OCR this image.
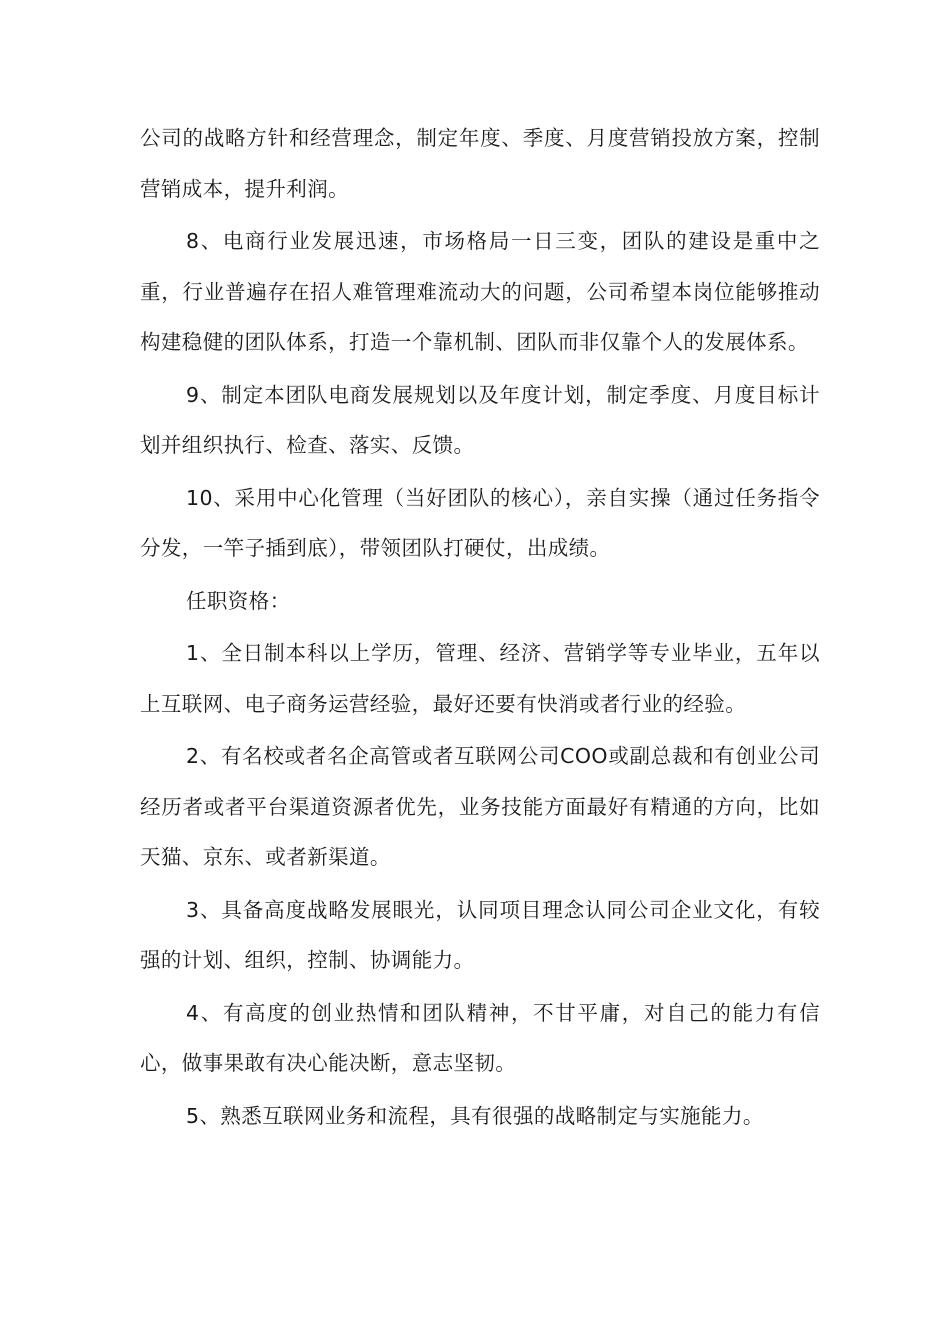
公司的战略方针和经营理念，制定年度、季度、月度营销投放方案，控制营销成本，提升利润。

8、电商行业发展迅速，市场格局一日三变，团队的建设是重中之重，行业普遍存在招人难管理难流动大的问题，公司希望本岗位能够推动构建稳健的团队体系，打造一个靠机制、团队而非仅靠个人的发展体系。

9、制定本团队电商发展规划以及年度计划，制定季度、月度目标计划并组织执行、检查、落实、反馈。

10、采用中心化管理（当好团队的核心），亲自实操（通过任务指令分发，一竿子插到底），带领团队打硬仗，出成绩。

任职资格：

1、全日制本科以上学历，管理、经济、营销学等专业毕业，五年以上互联网、电子商务运营经验，最好还要有快消或者行业的经验。

2、有名校或者名企高管或者互联网公司COO或副总裁和有创业公司经历者或者平台渠道资源者优先，业务技能方面最好有精通的方向，比如天猫、京东、或者新渠道。

3、具备高度战略发展眼光，认同项目理念认同公司企业文化，有较强的计划、组织，控制、协调能力。

4、有高度的创业热情和团队精神，不甘平庸，对自己的能力有信心，做事果敢有决心能决断，意志坚韧。

5、熟悉互联网业务和流程，具有很强的战略制定与实施能力。
